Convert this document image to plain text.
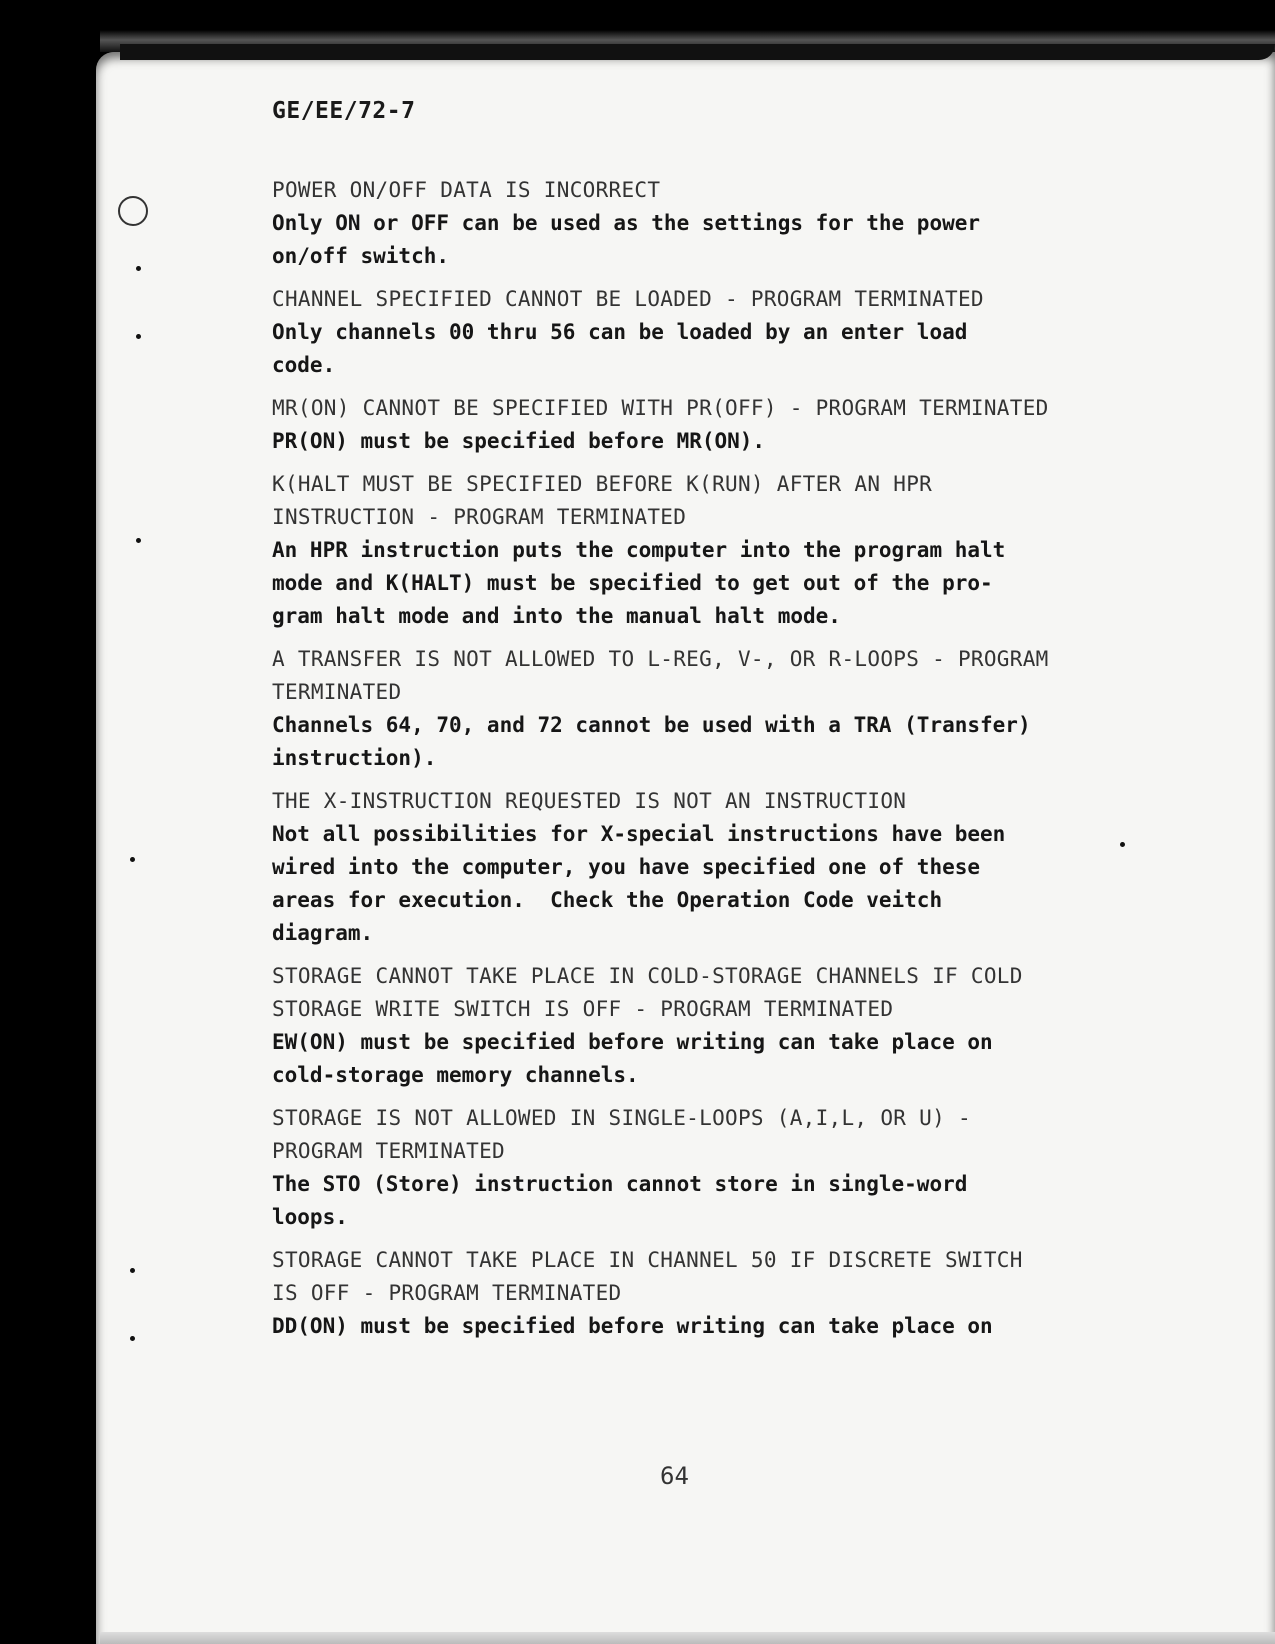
GE/EE/72-7
POWER ON/OFF DATA IS INCORRECT
Only ON or OFF can be used as the settings for the power
on/off switch.
CHANNEL SPECIFIED CANNOT BE LOADED - PROGRAM TERMINATED
Only channels 00 thru 56 can be loaded by an enter load
code.
MR(ON) CANNOT BE SPECIFIED WITH PR(OFF) - PROGRAM TERMINATED
PR(ON) must be specified before MR(ON).
K(HALT MUST BE SPECIFIED BEFORE K(RUN) AFTER AN HPR
INSTRUCTION - PROGRAM TERMINATED
An HPR instruction puts the computer into the program halt
mode and K(HALT) must be specified to get out of the pro-
gram halt mode and into the manual halt mode.
A TRANSFER IS NOT ALLOWED TO L-REG, V-, OR R-LOOPS - PROGRAM
TERMINATED
Channels 64, 70, and 72 cannot be used with a TRA (Transfer)
instruction).
THE X-INSTRUCTION REQUESTED IS NOT AN INSTRUCTION
Not all possibilities for X-special instructions have been
wired into the computer, you have specified one of these
areas for execution.  Check the Operation Code veitch
diagram.
STORAGE CANNOT TAKE PLACE IN COLD-STORAGE CHANNELS IF COLD
STORAGE WRITE SWITCH IS OFF - PROGRAM TERMINATED
EW(ON) must be specified before writing can take place on
cold-storage memory channels.
STORAGE IS NOT ALLOWED IN SINGLE-LOOPS (A,I,L, OR U) -
PROGRAM TERMINATED
The STO (Store) instruction cannot store in single-word
loops.
STORAGE CANNOT TAKE PLACE IN CHANNEL 50 IF DISCRETE SWITCH
IS OFF - PROGRAM TERMINATED
DD(ON) must be specified before writing can take place on
64
